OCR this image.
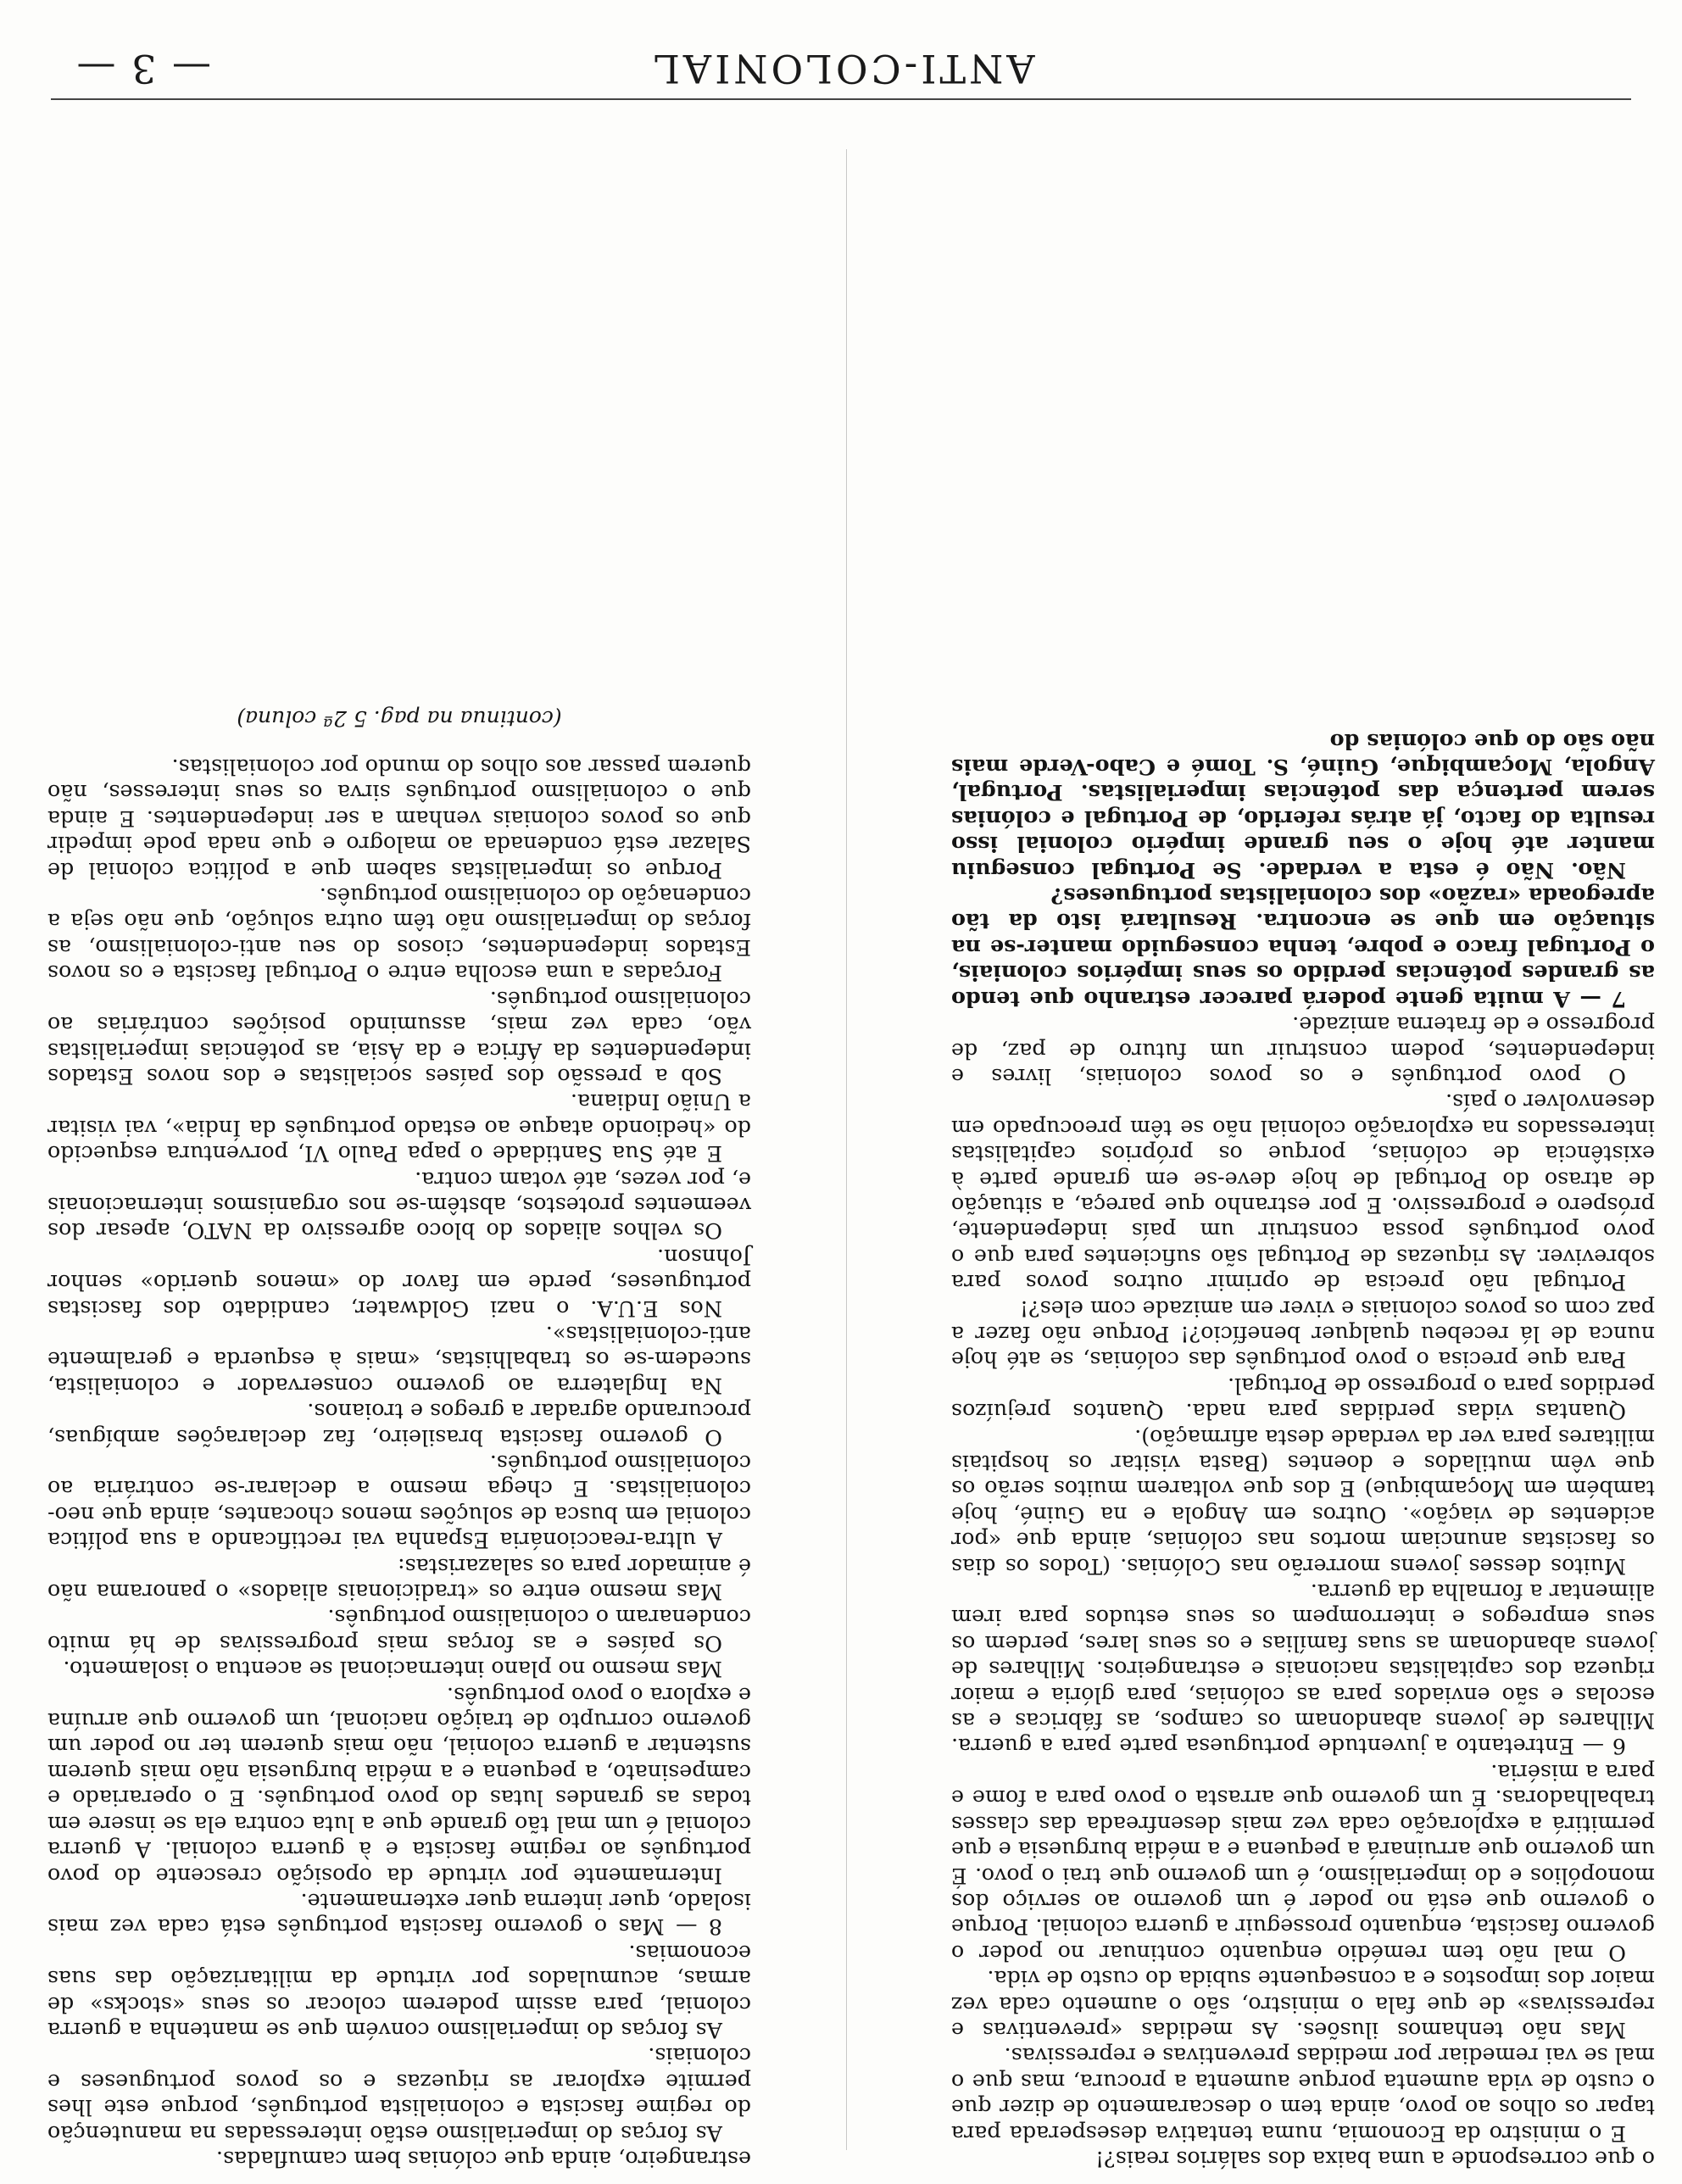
— 3 —	ANTI-COLONIAL

o que corresponde a uma baixa dos salários reais?!

E o ministro da Economia, numa tentativa desesperada para tapar os olhos ao povo, ainda tem o descaramento de dizer que o custo de vida aumenta porque aumenta a procura, mas que o mal se vai remediar por medidas preventivas e repressivas.

Mas não tenhamos ilusões. As medidas «preventivas e repressivas» de que fala o ministro, são o aumento cada vez maior dos impostos e a consequente subida do custo de vida.

O mal não tem remédio enquanto continuar no poder o governo fascista, enquanto prosseguir a guerra colonial. Porque o governo que está no poder é um governo ao serviço dos monopólios e do imperialismo, é um governo que trai o povo. É um governo que arruinará a pequena e a média burguesia e que permitirá a exploração cada vez mais desenfreada das classes trabalhadoras. É um governo que arrasta o povo para a fome e para a miséria.

6 — Entretanto a juventude portuguesa parte para a guerra. Milhares de jovens abandonam os campos, as fábricas e as escolas e são enviados para as colónias, para glória e maior riqueza dos capitalistas nacionais e estrangeiros. Milhares de jovens abandonam as suas famílias e os seus lares, perdem os seus empregos e interrompem os seus estudos para irem alimentar a fornalha da guerra.

Muitos desses jovens morrerão nas Colónias. (Todos os dias os fascistas anunciam mortos nas colónias, ainda que «por acidentes de viação». Outros em Angola e na Guiné, hoje também em Moçambique) E dos que voltarem muitos serão os que vêm mutilados e doentes (Basta visitar os hospitais militares para ver da verdade desta afirmação).

Quantas vidas perdidas para nada. Quantos prejuízos perdidos para o progresso de Portugal.

Para que precisa o povo português das colónias, se até hoje nunca de lá recebeu qualquer benefício?! Porque não fazer a paz com os povos coloniais e viver em amizade com eles?!

Portugal não precisa de oprimir outros povos para sobreviver. As riquezas de Portugal são suficientes para que o povo português possa construir um país independente, próspero e progressivo. E por estranho que pareça, a situação de atraso do Portugal de hoje deve-se em grande parte à existência de colónias, porque os próprios capitalistas interessados na exploração colonial não se têm preocupado em desenvolver o país.

O povo português e os povos coloniais, livres e independentes, podem construir um futuro de paz, de progresso e de fraterna amizade.

7 — A muita gente poderá parecer estranho que tendo as grandes potências perdido os seus impérios coloniais, o Portugal fraco e pobre, tenha conseguido manter-se na situação em que se encontra. Resultará isto da tão apregoada «razão» dos colonialistas portugueses?

Não. Não é esta a verdade. Se Portugal conseguiu manter até hoje o seu grande império colonial isso resulta do facto, já atrás referido, de Portugal e colónias serem pertença das potências imperialistas. Portugal, Angola, Moçambique, Guiné, S. Tomé e Cabo-Verde mais não são do que colónias do

estrangeiro, ainda que colónias bem camufladas.

As forças do imperialismo estão interessadas na manutenção do regime fascista e colonialista português, porque este lhes permite explorar as riquezas e os povos portugueses e coloniais.

As forças do imperialismo convém que se mantenha a guerra colonial, para assim poderem colocar os seus «stocks» de armas, acumulados por virtude da militarização das suas economias.

8 — Mas o governo fascista português está cada vez mais isolado, quer interna quer externamente.

Internamente por virtude da oposição crescente do povo português ao regime fascista e à guerra colonial. A guerra colonial é um mal tão grande que a luta contra ela se insere em todas as grandes lutas do povo português. E o operariado e campesinato, a pequena e a média burguesia não mais querem sustentar a guerra colonial, não mais querem ter no poder um governo corrupto de traição nacional, um governo que arruína e explora o povo português.

Mas mesmo no plano internacional se acentua o isolamento.

Os países e as forças mais progressivas de há muito condenaram o colonialismo português.

Mas mesmo entre os «tradicionais aliados» o panorama não é animador para os salazaristas:

A ultra-reaccionária Espanha vai rectificando a sua política colonial em busca de soluções menos chocantes, ainda que neo-colonialistas. E chega mesmo a declarar-se contrária ao colonialismo português.

O governo fascista brasileiro, faz declarações ambíguas, procurando agradar a gregos e troianos.

Na Inglaterra ao governo conservador e colonialista, sucedem-se os trabalhistas, «mais à esquerda e geralmente anti-colonialistas».

Nos E.U.A. o nazi Goldwater, candidato dos fascistas portugueses, perde em favor do «menos querido» senhor Johnson.

Os velhos aliados do bloco agressivo da NATO, apesar dos veementes protestos, abstêm-se nos organismos internacionais e, por vezes, até votam contra.

E até Sua Santidade o papa Paulo VI, porventura esquecido do «hediondo ataque ao estado português da Índia», vai visitar a União Indiana.

Sob a pressão dos países socialistas e dos novos Estados independentes da África e da Ásia, as potências imperialistas vão, cada vez mais, assumindo posições contrárias ao colonialismo português.

Forçadas a uma escolha entre o Portugal fascista e os novos Estados independentes, ciosos do seu anti-colonialismo, as forças do imperialismo não têm outra solução, que não seja a condenação do colonialismo português.

Porque os imperialistas sabem que a política colonial de Salazar está condenada ao malogro e que nada pode impedir que os povos coloniais venham a ser independentes. E ainda que o colonialismo português sirva os seus interesses, não querem passar aos olhos do mundo por colonialistas.

(continua na pag. 5 2ª coluna)
